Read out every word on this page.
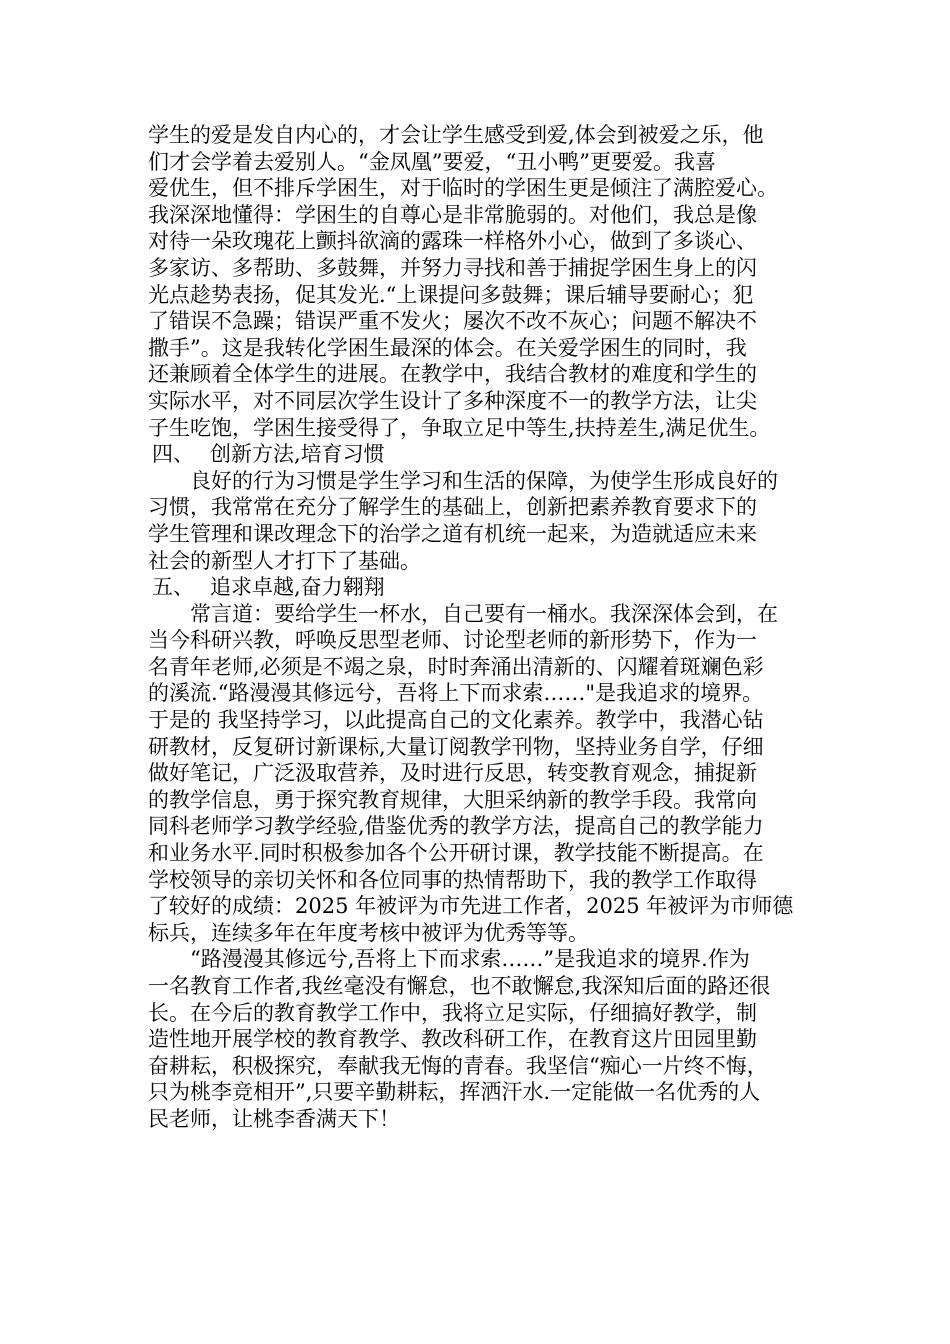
学生的爱是发自内心的，才会让学生感受到爱,体会到被爱之乐，他
们才会学着去爱别人。“金凤凰”要爱，“丑小鸭”更要爱。我喜
爱优生，但不排斥学困生，对于临时的学困生更是倾注了满腔爱心。
我深深地懂得：学困生的自尊心是非常脆弱的。对他们，我总是像
对待一朵玫瑰花上颤抖欲滴的露珠一样格外小心，做到了多谈心、
多家访、多帮助、多鼓舞，并努力寻找和善于捕捉学困生身上的闪
光点趁势表扬，促其发光.“上课提问多鼓舞；课后辅导要耐心；犯
了错误不急躁；错误严重不发火；屡次不改不灰心；问题不解决不
撒手”。这是我转化学困生最深的体会。在关爱学困生的同时，我
还兼顾着全体学生的进展。在教学中，我结合教材的难度和学生的
实际水平，对不同层次学生设计了多种深度不一的教学方法，让尖
子生吃饱，学困生接受得了，争取立足中等生,扶持差生,满足优生。
四、 创新方法,培育习惯
　　良好的行为习惯是学生学习和生活的保障，为使学生形成良好的
习惯，我常常在充分了解学生的基础上，创新把素养教育要求下的
学生管理和课改理念下的治学之道有机统一起来，为造就适应未来
社会的新型人才打下了基础。
五、 追求卓越,奋力翱翔
　　常言道：要给学生一杯水，自己要有一桶水。我深深体会到，在
当今科研兴教，呼唤反思型老师、讨论型老师的新形势下，作为一
名青年老师,必须是不竭之泉，时时奔涌出清新的、闪耀着斑斓色彩
的溪流.“路漫漫其修远兮，吾将上下而求索……"是我追求的境界。
于是的 我坚持学习，以此提高自己的文化素养。教学中，我潜心钻
研教材，反复研讨新课标,大量订阅教学刊物，坚持业务自学，仔细
做好笔记，广泛汲取营养，及时进行反思，转变教育观念，捕捉新
的教学信息，勇于探究教育规律，大胆采纳新的教学手段。我常向
同科老师学习教学经验,借鉴优秀的教学方法，提高自己的教学能力
和业务水平.同时积极参加各个公开研讨课，教学技能不断提高。在
学校领导的亲切关怀和各位同事的热情帮助下，我的教学工作取得
了较好的成绩：2025 年被评为市先进工作者，2025 年被评为市师德
标兵，连续多年在年度考核中被评为优秀等等。
　　“路漫漫其修远兮,吾将上下而求索……”是我追求的境界.作为
一名教育工作者,我丝毫没有懈怠，也不敢懈怠,我深知后面的路还很
长。在今后的教育教学工作中，我将立足实际，仔细搞好教学，制
造性地开展学校的教育教学、教改科研工作，在教育这片田园里勤
奋耕耘，积极探究，奉献我无悔的青春。我坚信“痴心一片终不悔，
只为桃李竞相开”,只要辛勤耕耘，挥洒汗水.一定能做一名优秀的人
民老师，让桃李香满天下！
